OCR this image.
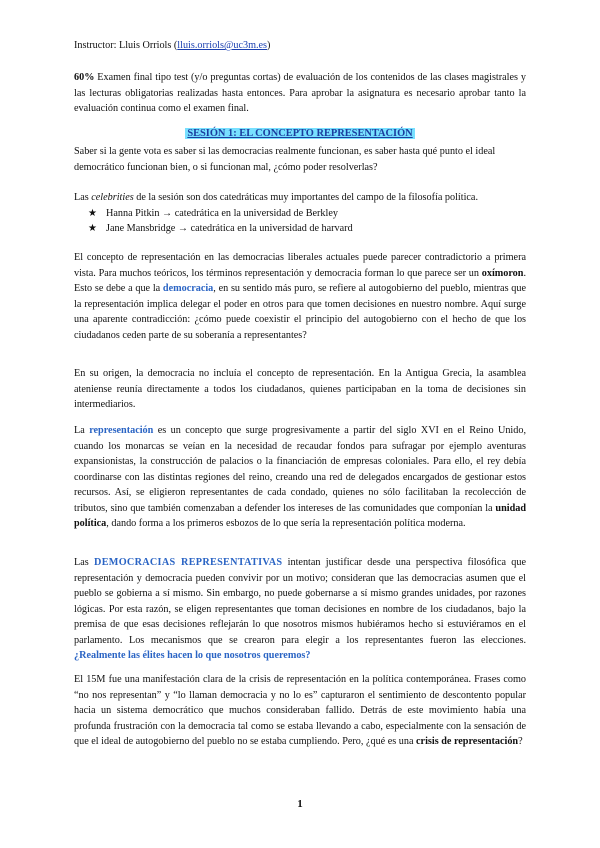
Instructor: Lluis Orriols (lluis.orriols@uc3m.es)
60% Examen final tipo test (y/o preguntas cortas) de evaluación de los contenidos de las clases magistrales y las lecturas obligatorias realizadas hasta entonces. Para aprobar la asignatura es necesario aprobar tanto la evaluación continua como el examen final.
SESIÓN 1: EL CONCEPTO REPRESENTACIÓN
Saber si la gente vota es saber si las democracias realmente funcionan, es saber hasta qué punto el ideal democrático funcionan bien, o si funcionan mal, ¿cómo poder resolverlas?
Las celebrities de la sesión son dos catedráticas muy importantes del campo de la filosofía política.
★ Hanna Pitkin → catedrática en la universidad de Berkley
★ Jane Mansbridge → catedrática en la universidad de harvard
El concepto de representación en las democracias liberales actuales puede parecer contradictorio a primera vista. Para muchos teóricos, los términos representación y democracia forman lo que parece ser un oxímoron. Esto se debe a que la democracia, en su sentido más puro, se refiere al autogobierno del pueblo, mientras que la representación implica delegar el poder en otros para que tomen decisiones en nuestro nombre. Aquí surge una aparente contradicción: ¿cómo puede coexistir el principio del autogobierno con el hecho de que los ciudadanos ceden parte de su soberanía a representantes?
En su origen, la democracia no incluía el concepto de representación. En la Antigua Grecia, la asamblea ateniense reunía directamente a todos los ciudadanos, quienes participaban en la toma de decisiones sin intermediarios.
La representación es un concepto que surge progresivamente a partir del siglo XVI en el Reino Unido, cuando los monarcas se veían en la necesidad de recaudar fondos para sufragar por ejemplo aventuras expansionistas, la construcción de palacios o la financiación de empresas coloniales. Para ello, el rey debía coordinarse con las distintas regiones del reino, creando una red de delegados encargados de gestionar estos recursos. Así, se eligieron representantes de cada condado, quienes no sólo facilitaban la recolección de tributos, sino que también comenzaban a defender los intereses de las comunidades que componían la unidad política, dando forma a los primeros esbozos de lo que sería la representación política moderna.
Las DEMOCRACIAS REPRESENTATIVAS intentan justificar desde una perspectiva filosófica que representación y democracia pueden convivir por un motivo; consideran que las democracias asumen que el pueblo se gobierna a sí mismo. Sin embargo, no puede gobernarse a sí mismo grandes unidades, por razones lógicas. Por esta razón, se eligen representantes que toman decisiones en nombre de los ciudadanos, bajo la premisa de que esas decisiones reflejarán lo que nosotros mismos hubiéramos hecho si estuviéramos en el parlamento. Los mecanismos que se crearon para elegir a los representantes fueron las elecciones. ¿Realmente las élites hacen lo que nosotros queremos?
El 15M fue una manifestación clara de la crisis de representación en la política contemporánea. Frases como “no nos representan” y “lo llaman democracia y no lo es” capturaron el sentimiento de descontento popular hacia un sistema democrático que muchos consideraban fallido. Detrás de este movimiento había una profunda frustración con la democracia tal como se estaba llevando a cabo, especialmente con la sensación de que el ideal de autogobierno del pueblo no se estaba cumpliendo. Pero, ¿qué es una crisis de representación?
1
